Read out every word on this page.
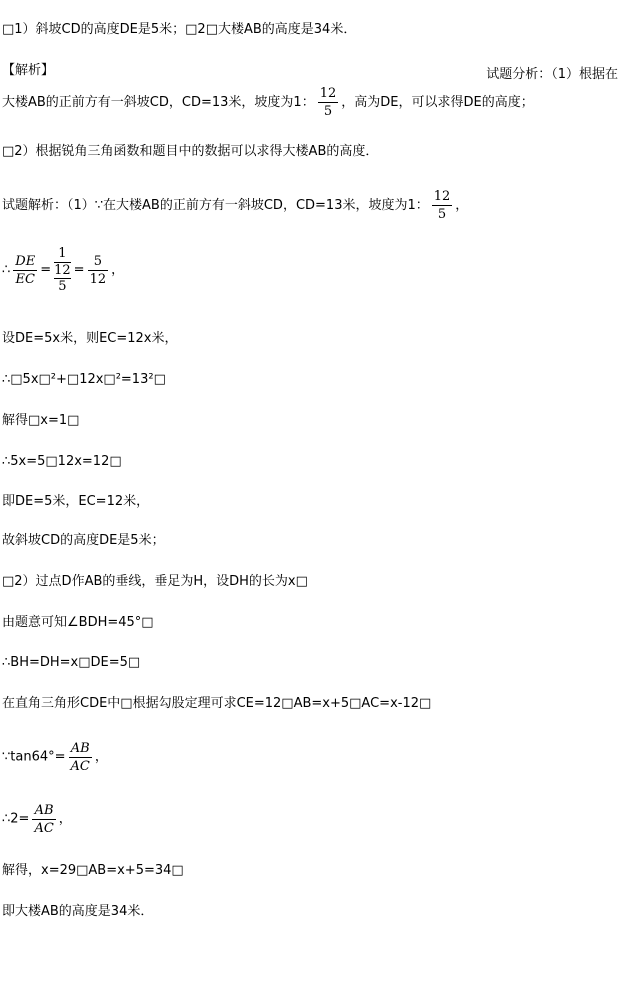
□1）斜坡CD的高度DE是5米；□2□大楼AB的高度是34米．
【解析】	试题分析：（1）根据在
大楼AB的正前方有一斜坡CD，CD=13米，坡度为1： $\frac{12}{5}$ ，高为DE，可以求得DE的高度；
□2）根据锐角三角函数和题目中的数据可以求得大楼AB的高度．
试题解析：（1）∵在大楼AB的正前方有一斜坡CD，CD=13米，坡度为1： $\frac{12}{5}$ ，
∴ $\frac{DE}{EC} = \frac{1}{\frac{12}{5}} = \frac{5}{12}$ ，
设DE=5x米，则EC=12x米，
∴□5x□²+□12x□²=13²□
解得□x=1□
∴5x=5□12x=12□
即DE=5米，EC=12米，
故斜坡CD的高度DE是5米；
□2）过点D作AB的垂线，垂足为H，设DH的长为x□
由题意可知∠BDH=45°□
∴BH=DH=x□DE=5□
在直角三角形CDE中□根据勾股定理可求CE=12□AB=x+5□AC=x-12□
∵tan64°= $\frac{AB}{AC}$ ，
∴2= $\frac{AB}{AC}$ ，
解得，x=29□AB=x+5=34□
即大楼AB的高度是34米．
